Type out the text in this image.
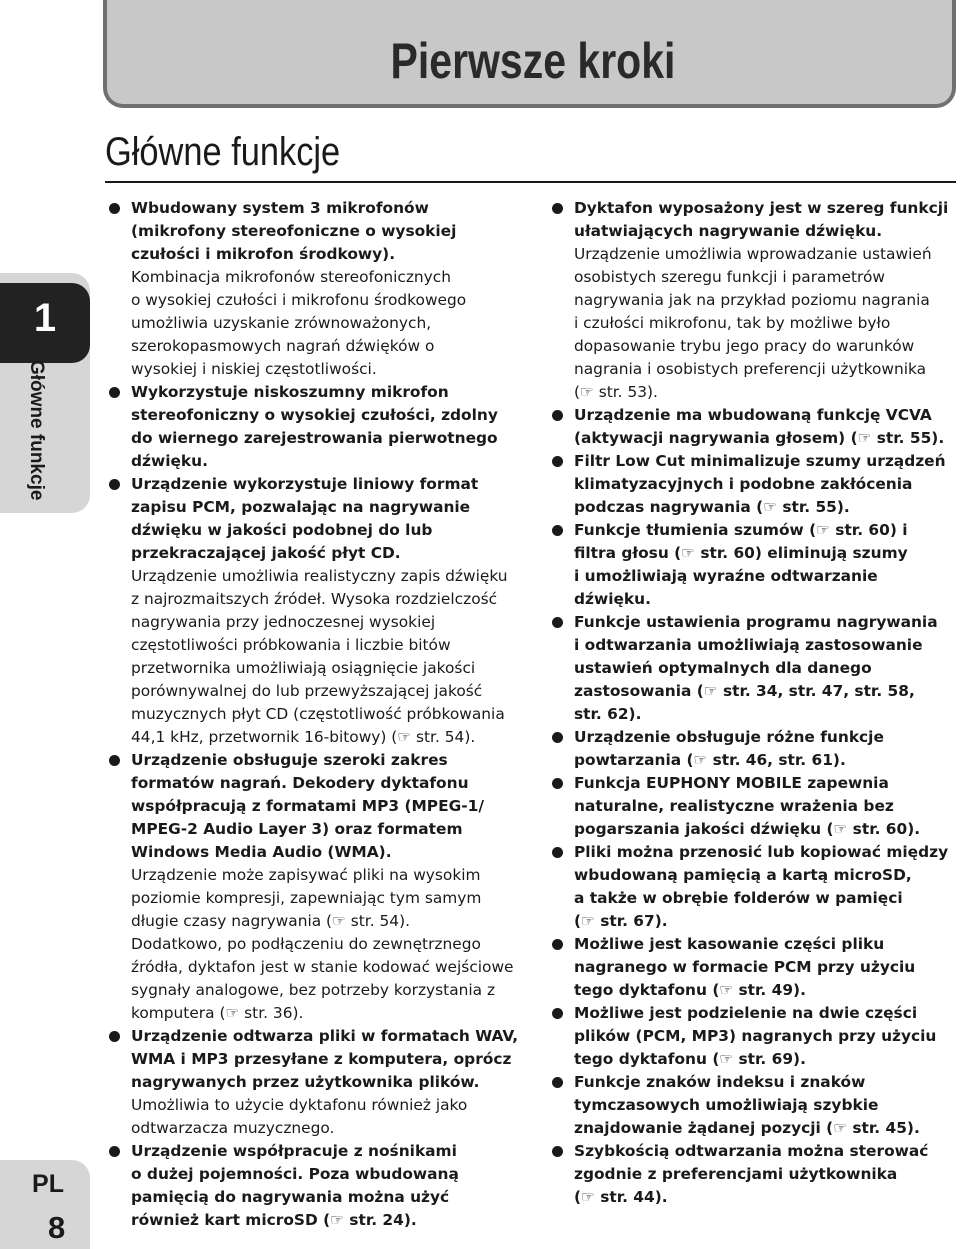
Pierwsze kroki
Główne funkcje
1
Główne funkcje
PL
8
Wbudowany system 3 mikrofonów
(mikrofony stereofoniczne o wysokiej
czułości i mikrofon środkowy).
Kombinacja mikrofonów stereofonicznych
o wysokiej czułości i mikrofonu środkowego
umożliwia uzyskanie zrównoważonych,
szerokopasmowych nagrań dźwięków o
wysokiej i niskiej częstotliwości.
Wykorzystuje niskoszumny mikrofon
stereofoniczny o wysokiej czułości, zdolny
do wiernego zarejestrowania pierwotnego
dźwięku.
Urządzenie wykorzystuje liniowy format
zapisu PCM, pozwalając na nagrywanie
dźwięku w jakości podobnej do lub
przekraczającej jakość płyt CD.
Urządzenie umożliwia realistyczny zapis dźwięku
z najrozmaitszych źródeł. Wysoka rozdzielczość
nagrywania przy jednoczesnej wysokiej
częstotliwości próbkowania i liczbie bitów
przetwornika umożliwiają osiągnięcie jakości
porównywalnej do lub przewyższającej jakość
muzycznych płyt CD (częstotliwość próbkowania
44,1 kHz, przetwornik 16-bitowy) (☞ str. 54).
Urządzenie obsługuje szeroki zakres
formatów nagrań. Dekodery dyktafonu
współpracują z formatami MP3 (MPEG-1/
MPEG-2 Audio Layer 3) oraz formatem
Windows Media Audio (WMA).
Urządzenie może zapisywać pliki na wysokim
poziomie kompresji, zapewniając tym samym
długie czasy nagrywania (☞ str. 54).
Dodatkowo, po podłączeniu do zewnętrznego
źródła, dyktafon jest w stanie kodować wejściowe
sygnały analogowe, bez potrzeby korzystania z
komputera (☞ str. 36).
Urządzenie odtwarza pliki w formatach WAV,
WMA i MP3 przesyłane z komputera, oprócz
nagrywanych przez użytkownika plików.
Umożliwia to użycie dyktafonu również jako
odtwarzacza muzycznego.
Urządzenie współpracuje z nośnikami
o dużej pojemności. Poza wbudowaną
pamięcią do nagrywania można użyć
również kart microSD (☞ str. 24).
Dyktafon wyposażony jest w szereg funkcji
ułatwiających nagrywanie dźwięku.
Urządzenie umożliwia wprowadzanie ustawień
osobistych szeregu funkcji i parametrów
nagrywania jak na przykład poziomu nagrania
i czułości mikrofonu, tak by możliwe było
dopasowanie trybu jego pracy do warunków
nagrania i osobistych preferencji użytkownika
(☞ str. 53).
Urządzenie ma wbudowaną funkcję VCVA
(aktywacji nagrywania głosem) (☞ str. 55).
Filtr Low Cut minimalizuje szumy urządzeń
klimatyzacyjnych i podobne zakłócenia
podczas nagrywania (☞ str. 55).
Funkcje tłumienia szumów (☞ str. 60) i
filtra głosu (☞ str. 60) eliminują szumy
i umożliwiają wyraźne odtwarzanie
dźwięku.
Funkcje ustawienia programu nagrywania
i odtwarzania umożliwiają zastosowanie
ustawień optymalnych dla danego
zastosowania (☞ str. 34, str. 47, str. 58,
str. 62).
Urządzenie obsługuje różne funkcje
powtarzania (☞ str. 46, str. 61).
Funkcja EUPHONY MOBILE zapewnia
naturalne, realistyczne wrażenia bez
pogarszania jakości dźwięku (☞ str. 60).
Pliki można przenosić lub kopiować między
wbudowaną pamięcią a kartą microSD,
a także w obrębie folderów w pamięci
(☞ str. 67).
Możliwe jest kasowanie części pliku
nagranego w formacie PCM przy użyciu
tego dyktafonu (☞ str. 49).
Możliwe jest podzielenie na dwie części
plików (PCM, MP3) nagranych przy użyciu
tego dyktafonu (☞ str. 69).
Funkcje znaków indeksu i znaków
tymczasowych umożliwiają szybkie
znajdowanie żądanej pozycji (☞ str. 45).
Szybkością odtwarzania można sterować
zgodnie z preferencjami użytkownika
(☞ str. 44).
